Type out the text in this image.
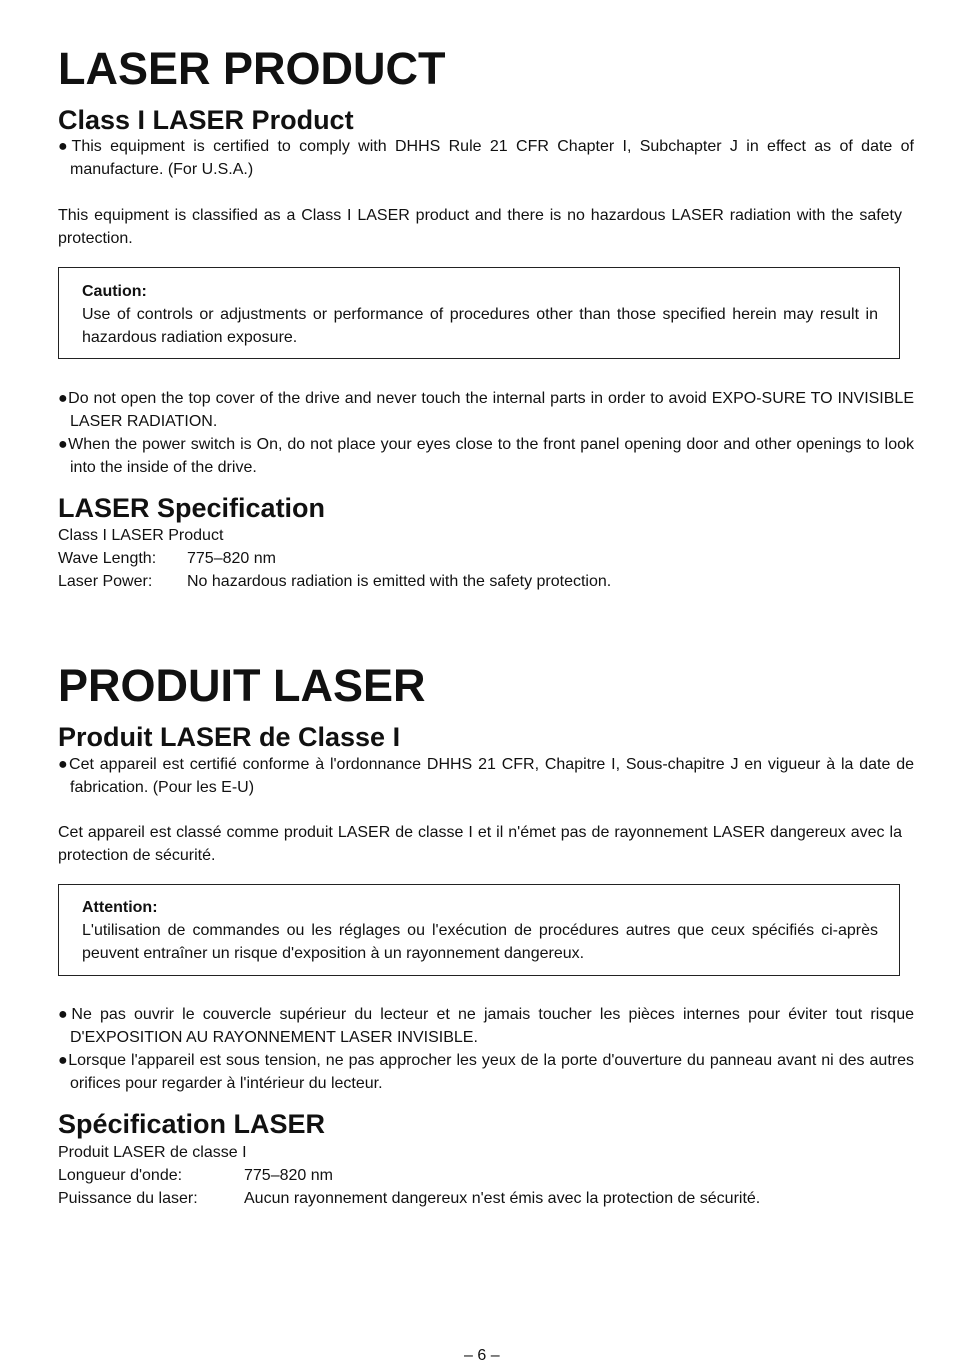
LASER PRODUCT
Class I LASER Product

●This equipment is certified to comply with DHHS Rule 21 CFR Chapter I, Subchapter J in effect as of date of manufacture. (For U.S.A.)

This equipment is classified as a Class I LASER product and there is no hazardous LASER radiation with the safety protection.

Caution:
Use of controls or adjustments or performance of procedures other than those specified herein may result in hazardous radiation exposure.

●Do not open the top cover of the drive and never touch the internal parts in order to avoid EXPO-SURE TO INVISIBLE LASER RADIATION.

●When the power switch is On, do not place your eyes close to the front panel opening door and other openings to look into the inside of the drive.

LASER Specification
Class I LASER Product
Wave Length: 775–820 nm
Laser Power: No hazardous radiation is emitted with the safety protection.
PRODUIT LASER
Produit LASER de Classe I

●Cet appareil est certifié conforme à l'ordonnance DHHS 21 CFR, Chapitre I, Sous-chapitre J en vigueur à la date de fabrication. (Pour les E-U)

Cet appareil est classé comme produit LASER de classe I et il n'émet pas de rayonnement LASER dangereux avec la protection de sécurité.

Attention:
L'utilisation de commandes ou les réglages ou l'exécution de procédures autres que ceux spécifiés ci-après peuvent entraîner un risque d'exposition à un rayonnement dangereux.

●Ne pas ouvrir le couvercle supérieur du lecteur et ne jamais toucher les pièces internes pour éviter tout risque D'EXPOSITION AU RAYONNEMENT LASER INVISIBLE.

●Lorsque l'appareil est sous tension, ne pas approcher les yeux de la porte d'ouverture du panneau avant ni des autres orifices pour regarder à l'intérieur du lecteur.

Spécification LASER
Produit LASER de classe I
Longueur d'onde:	775–820 nm
Puissance du laser:	Aucun rayonnement dangereux n'est émis avec la protection de sécurité.
– 6 –
